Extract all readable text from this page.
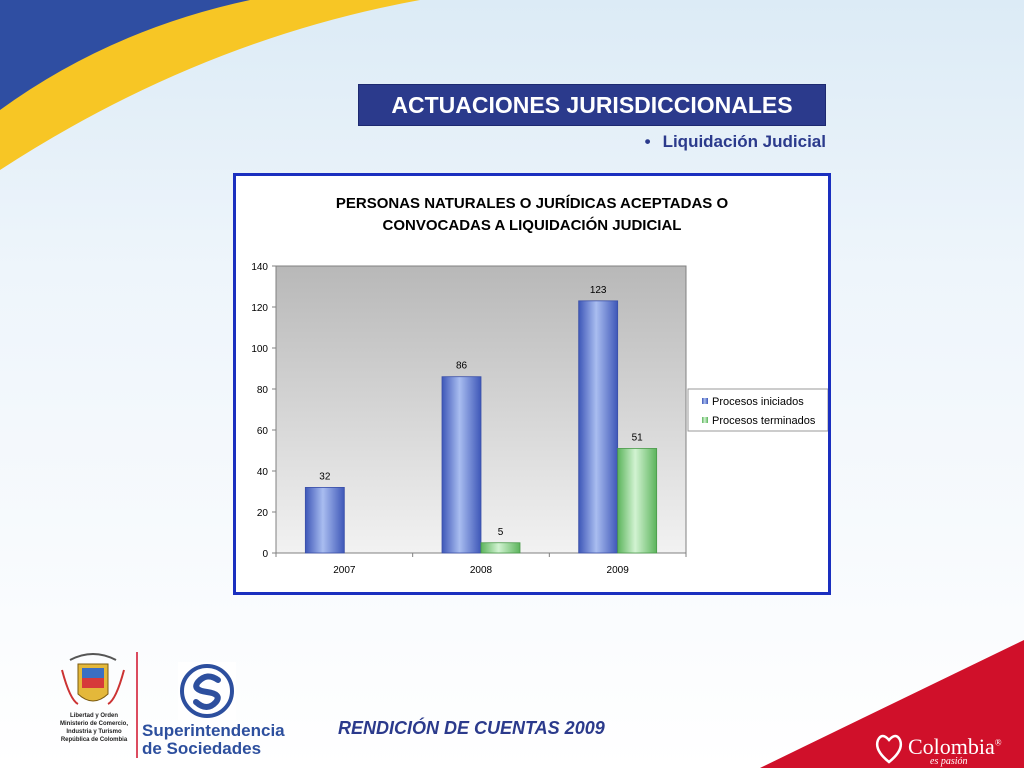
ACTUACIONES JURISDICCIONALES
• Liquidación Judicial
PERSONAS NATURALES O JURÍDICAS ACEPTADAS O
CONVOCADAS A LIQUIDACIÓN JUDICIAL
0
20
40
60
80
100
120
140
2007
32
2008
86
5
2009
123
51
Procesos iniciados
Procesos terminados
Libertad y Orden
Ministerio de Comercio,
Industria y Turismo
República de Colombia Superintendencia
de Sociedades
RENDICIÓN DE CUENTAS 2009
Colombia®
es pasión
